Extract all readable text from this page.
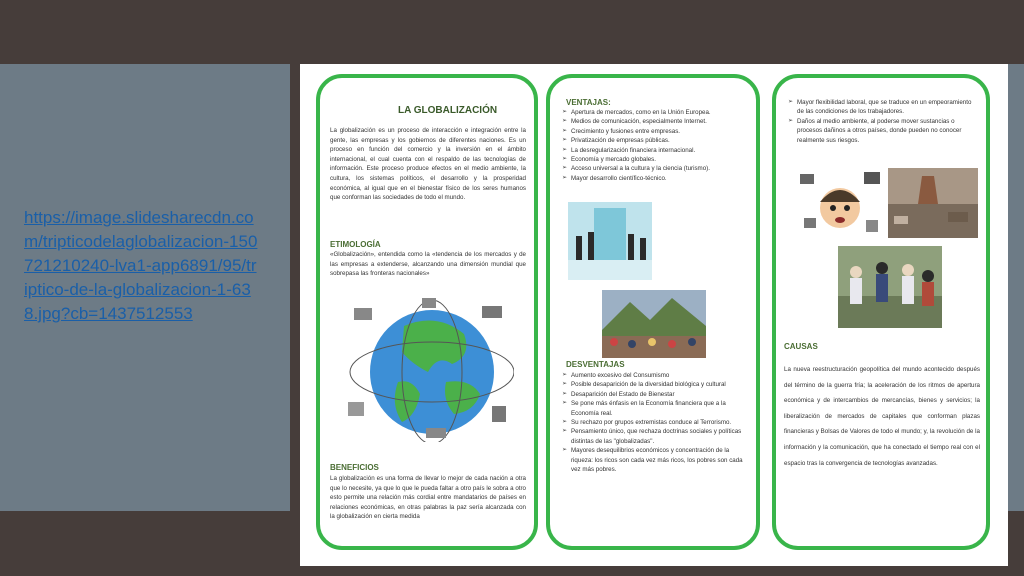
https://image.slidesharecdn.com/tripticodelaglobalizacion-150721210240-lva1-app6891/95/triptico-de-la-globalizacion-1-638.jpg?cb=1437512553
LA GLOBALIZACIÓN
La globalización es un proceso de interacción e integración entre la gente, las empresas y los gobiernos de diferentes naciones. Es un proceso en función del comercio y la inversión en el ámbito internacional, el cual cuenta con el respaldo de las tecnologías de información. Este proceso produce efectos en el medio ambiente, la cultura, los sistemas políticos, el desarrollo y la prosperidad económica, al igual que en el bienestar físico de los seres humanos que conforman las sociedades de todo el mundo.
ETIMOLOGÍA
«Globalización», entendida como la «tendencia de los mercados y de las empresas a extenderse, alcanzando una dimensión mundial que sobrepasa las fronteras nacionales»
BENEFICIOS
La globalización es una forma de llevar lo mejor de cada nación a otra que lo necesite, ya que lo que le pueda faltar a otro país le sobra a otro esto permite una relación más cordial entre mandatarios de países en relaciones económicas, en otras palabras la paz sería alcanzada con la globalización en cierta medida
VENTAJAS:
➢ Apertura de mercados, como en la Unión Europea.
➢ Medios de comunicación, especialmente Internet.
➢ Crecimiento y fusiones entre empresas.
➢ Privatización de empresas públicas.
➢ La desregularización financiera internacional.
➢ Economía y mercado globales.
➢ Acceso universal a la cultura y la ciencia (turismo).
➢ Mayor desarrollo científico-técnico.
DESVENTAJAS
➢ Aumento excesivo del Consumismo
➢ Posible desaparición de la diversidad biológica y cultural
➢ Desaparición del Estado de Bienestar
➢ Se pone más énfasis en la Economía financiera que a la Economía real.
➢ Su rechazo por grupos extremistas conduce al Terrorismo.
➢ Pensamiento único, que rechaza doctrinas sociales y políticas distintas de las "globalizadas".
➢ Mayores desequilibrios económicos y concentración de la riqueza: los ricos son cada vez más ricos, los pobres son cada vez más pobres.
➢ Mayor flexibilidad laboral, que se traduce en un empeoramiento de las condiciones de los trabajadores.
➢ Daños al medio ambiente, al poderse mover sustancias o procesos dañinos a otros países, donde pueden no conocer realmente sus riesgos.
CAUSAS
La nueva reestructuración geopolítica del mundo acontecido después del término de la guerra fría; la aceleración de los ritmos de apertura económica y de intercambios de mercancías, bienes y servicios; la liberalización de mercados de capitales que conforman plazas financieras y Bolsas de Valores de todo el mundo; y, la revolución de la información y la comunicación, que ha conectado el tiempo real con el espacio tras la convergencia de tecnologías avanzadas.
